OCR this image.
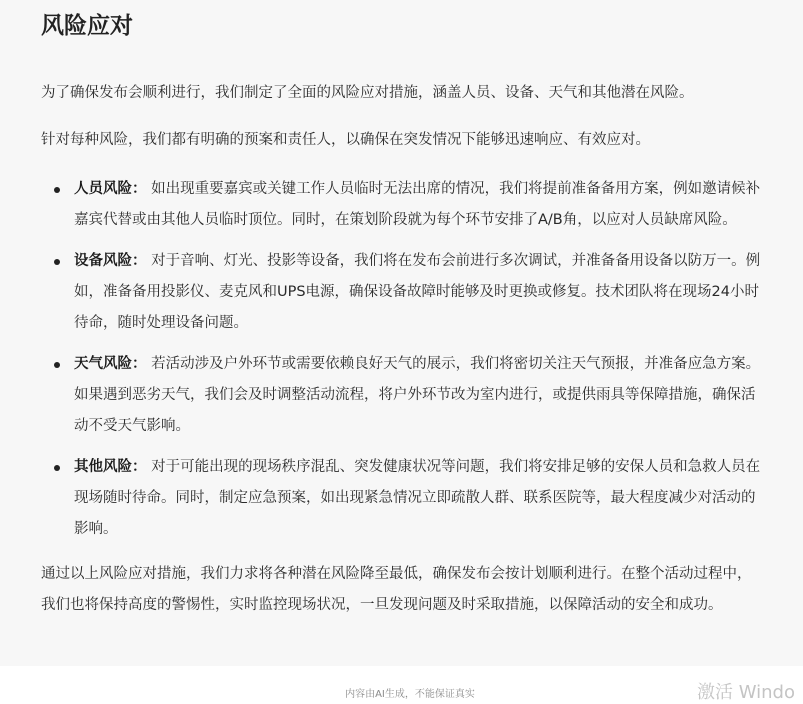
风险应对

为了确保发布会顺利进行，我们制定了全面的风险应对措施，涵盖人员、设备、天气和其他潜在风险。

针对每种风险，我们都有明确的预案和责任人，以确保在突发情况下能够迅速响应、有效应对。

人员风险： 如出现重要嘉宾或关键工作人员临时无法出席的情况，我们将提前准备备用方案，例如邀请候补嘉宾代替或由其他人员临时顶位。同时，在策划阶段就为每个环节安排了A/B角，以应对人员缺席风险。
设备风险： 对于音响、灯光、投影等设备，我们将在发布会前进行多次调试，并准备备用设备以防万一。例如，准备备用投影仪、麦克风和UPS电源，确保设备故障时能够及时更换或修复。技术团队将在现场24小时待命，随时处理设备问题。
天气风险： 若活动涉及户外环节或需要依赖良好天气的展示，我们将密切关注天气预报，并准备应急方案。如果遇到恶劣天气，我们会及时调整活动流程，将户外环节改为室内进行，或提供雨具等保障措施，确保活动不受天气影响。
其他风险： 对于可能出现的现场秩序混乱、突发健康状况等问题，我们将安排足够的安保人员和急救人员在现场随时待命。同时，制定应急预案，如出现紧急情况立即疏散人群、联系医院等，最大程度减少对活动的影响。

通过以上风险应对措施，我们力求将各种潜在风险降至最低，确保发布会按计划顺利进行。在整个活动过程中，我们也将保持高度的警惕性，实时监控现场状况，一旦发现问题及时采取措施，以保障活动的安全和成功。

内容由AI生成，不能保证真实	激活 Windo
